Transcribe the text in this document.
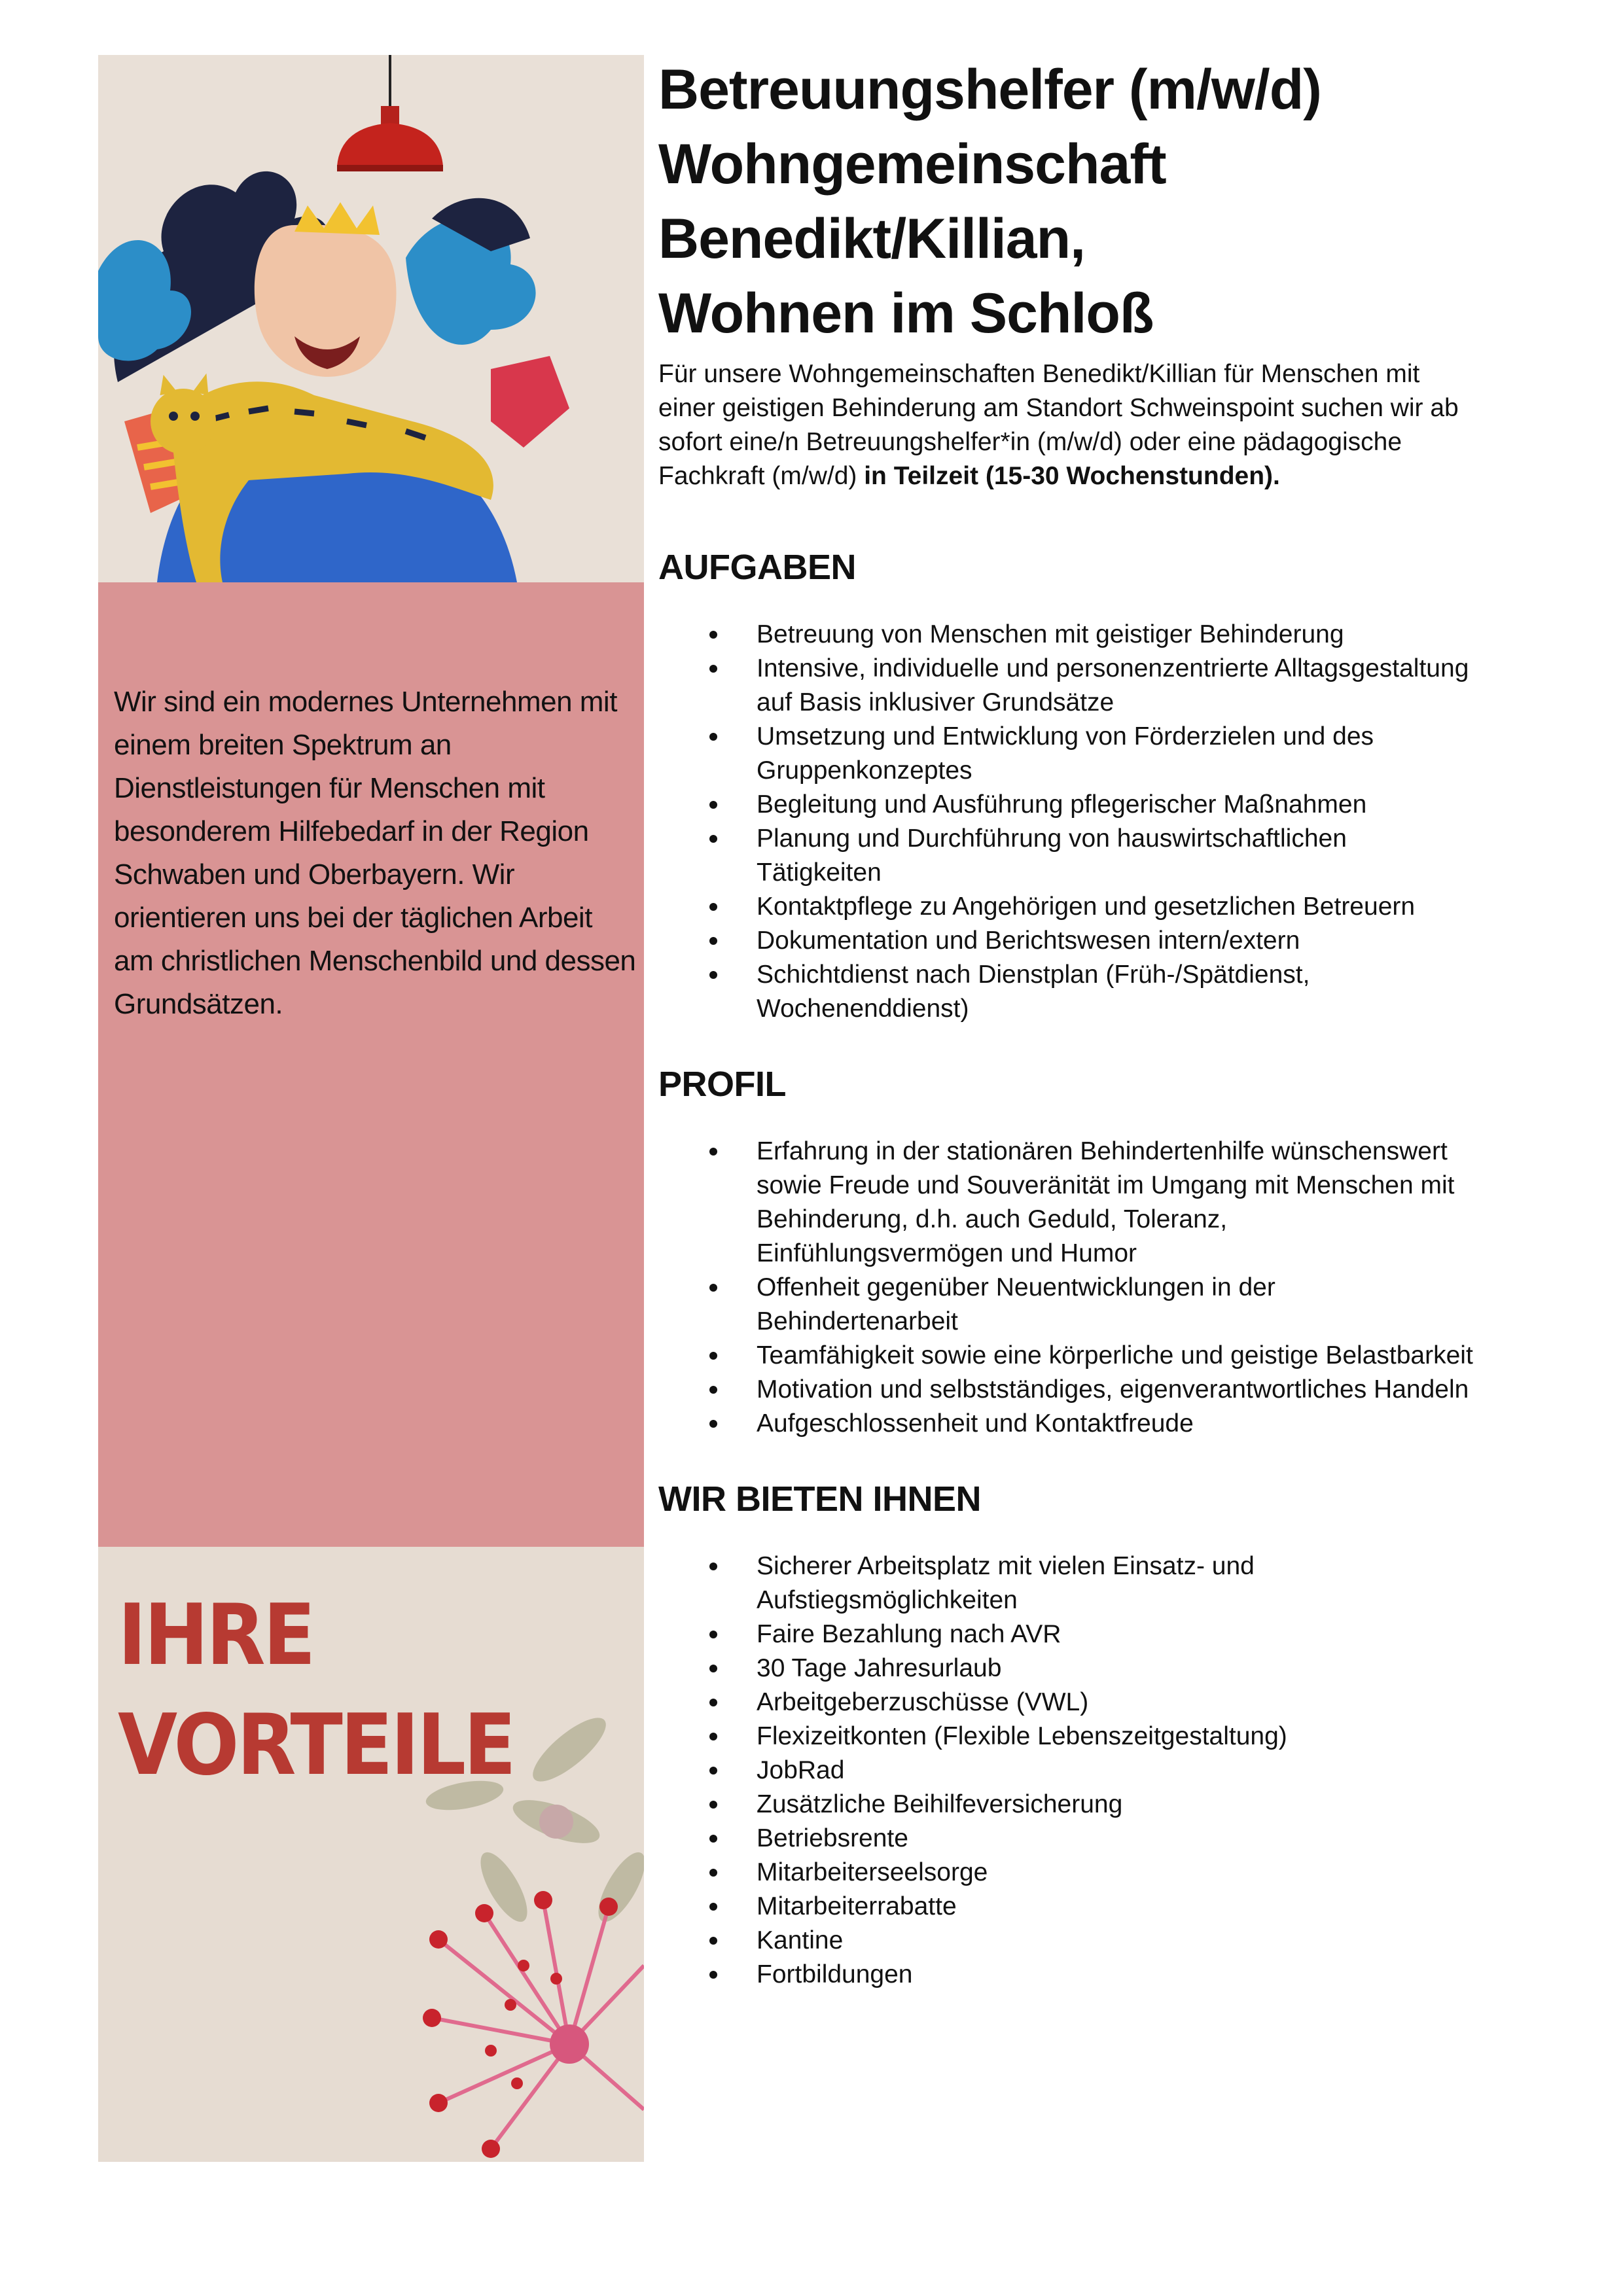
Wir sind ein modernes Unternehmen mit einem breiten Spektrum an Dienstleistungen für Menschen mit besonderem Hilfebedarf in der Region Schwaben und Oberbayern. Wir orientieren uns bei der täglichen Arbeit am christlichen Menschenbild und dessen Grundsätzen.

IHRE
VORTEILE
Betreuungshelfer (m/w/d)
Wohngemeinschaft
Benedikt/Killian,
Wohnen im Schloß

Für unsere Wohngemeinschaften Benedikt/Killian für Menschen mit einer geistigen Behinderung am Standort Schweinspoint suchen wir ab sofort eine/n Betreuungshelfer*in (m/w/d) oder eine pädagogische Fachkraft (m/w/d) in Teilzeit (15-30 Wochenstunden).

AUFGABEN
Betreuung von Menschen mit geistiger Behinderung
Intensive, individuelle und personenzentrierte Alltagsgestaltung auf Basis inklusiver Grundsätze
Umsetzung und Entwicklung von Förderzielen und des Gruppenkonzeptes
Begleitung und Ausführung pflegerischer Maßnahmen
Planung und Durchführung von hauswirtschaftlichen Tätigkeiten
Kontaktpflege zu Angehörigen und gesetzlichen Betreuern
Dokumentation und Berichtswesen intern/extern
Schichtdienst nach Dienstplan (Früh-/Spätdienst, Wochenenddienst)
PROFIL
Erfahrung in der stationären Behindertenhilfe wünschenswert sowie Freude und Souveränität im Umgang mit Menschen mit Behinderung, d.h. auch Geduld, Toleranz, Einfühlungsvermögen und Humor
Offenheit gegenüber Neuentwicklungen in der Behindertenarbeit
Teamfähigkeit sowie eine körperliche und geistige Belastbarkeit
Motivation und selbstständiges, eigenverantwortliches Handeln
Aufgeschlossenheit und Kontaktfreude
WIR BIETEN IHNEN
Sicherer Arbeitsplatz mit vielen Einsatz- und Aufstiegsmöglichkeiten
Faire Bezahlung nach AVR
30 Tage Jahresurlaub
Arbeitgeberzuschüsse (VWL)
Flexizeitkonten (Flexible Lebenszeitgestaltung)
JobRad
Zusätzliche Beihilfeversicherung
Betriebsrente
Mitarbeiterseelsorge
Mitarbeiterrabatte
Kantine
Fortbildungen
